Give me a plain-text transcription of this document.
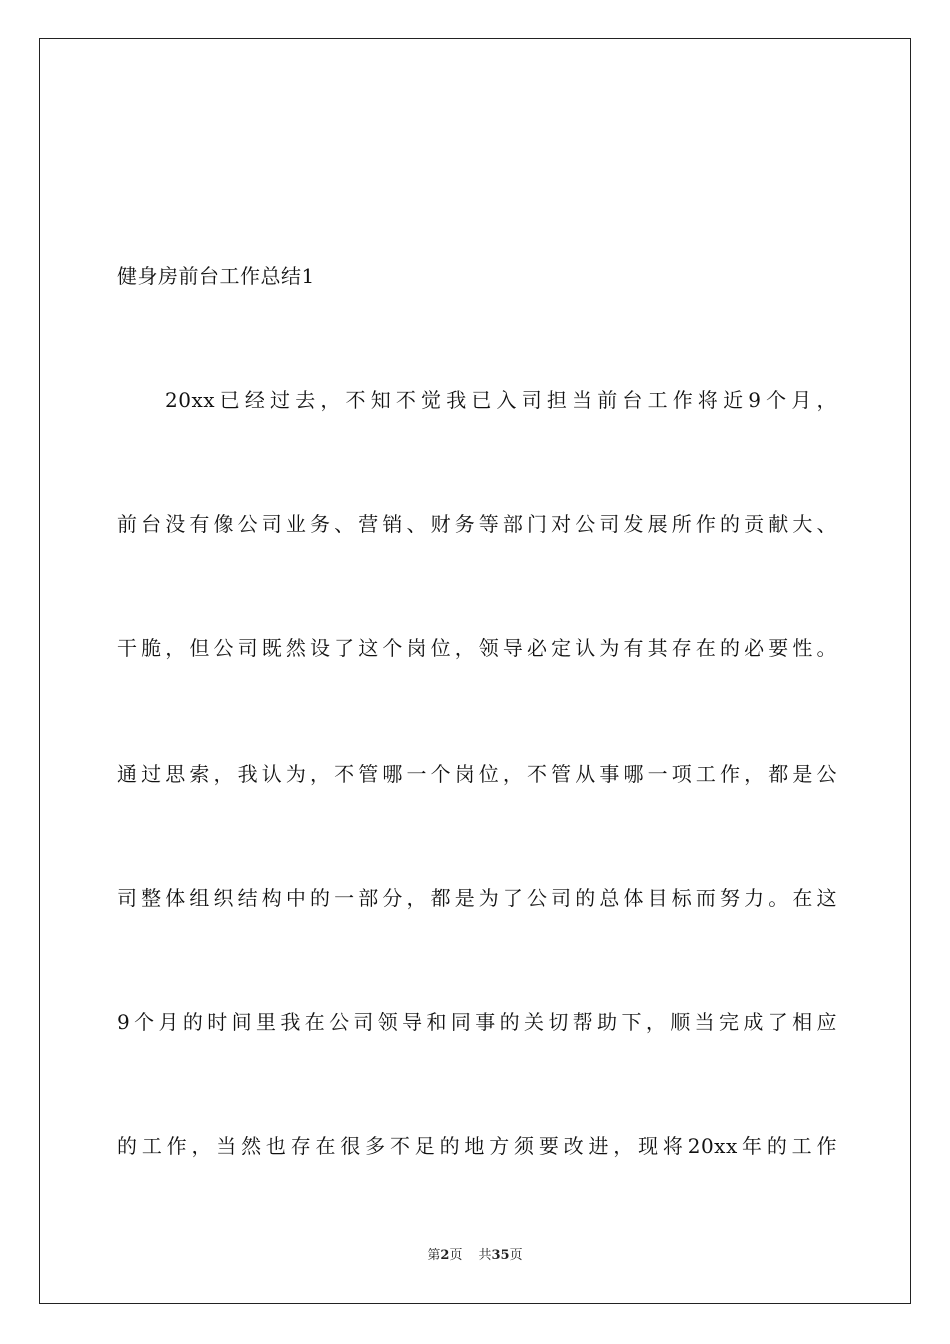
健身房前台工作总结1
20xx已经过去，不知不觉我已入司担当前台工作将近9个月，
前台没有像公司业务、营销、财务等部门对公司发展所作的贡献大、
干脆，但公司既然设了这个岗位，领导必定认为有其存在的必要性。
通过思索，我认为，不管哪一个岗位，不管从事哪一项工作，都是公
司整体组织结构中的一部分，都是为了公司的总体目标而努力。在这
9个月的时间里我在公司领导和同事的关切帮助下，顺当完成了相应
的工作，当然也存在很多不足的地方须要改进，现将20xx年的工作
第2页 共35页
